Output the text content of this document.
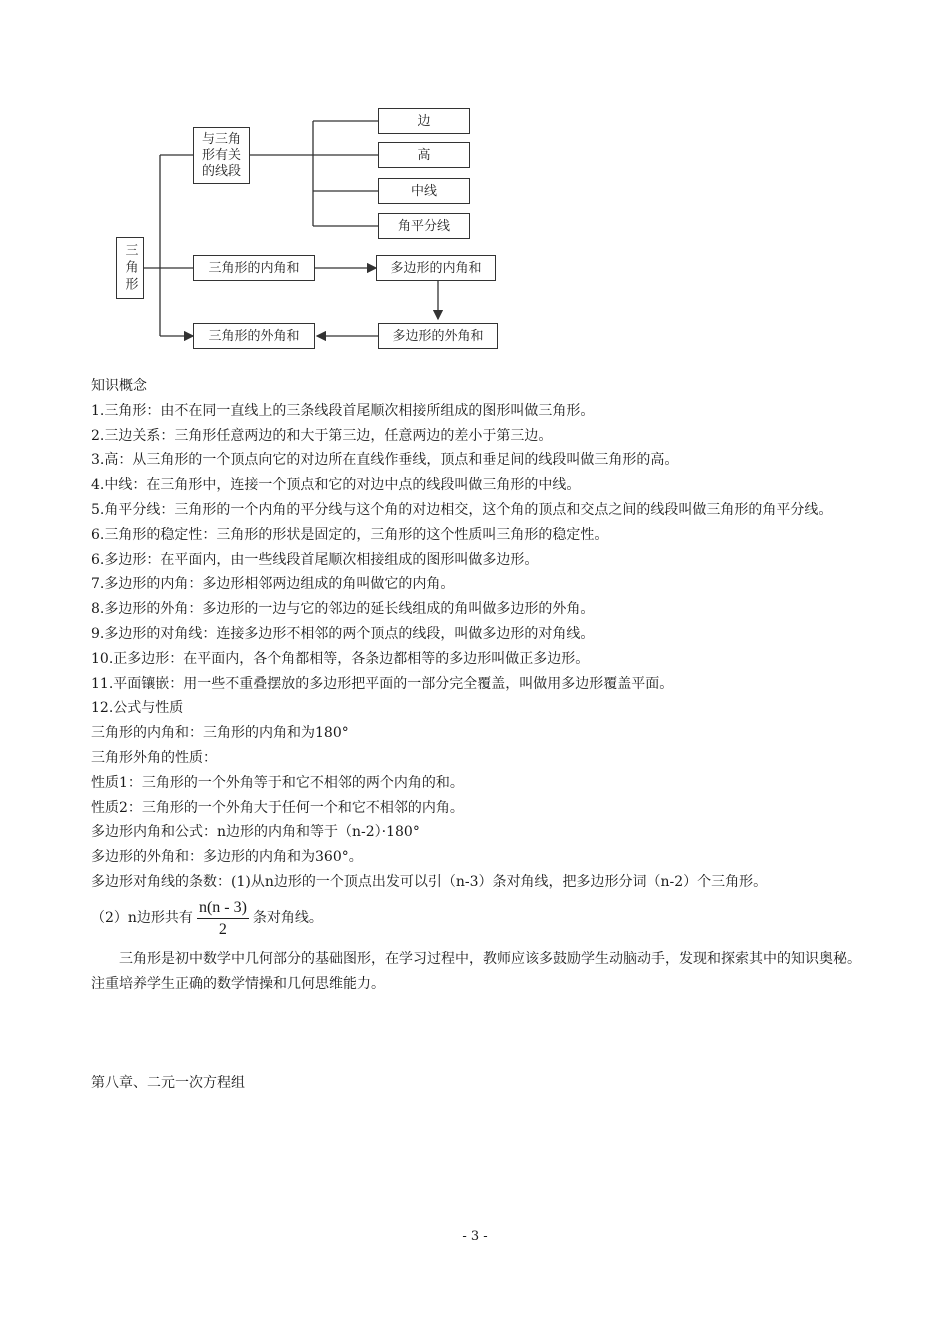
三角形
与三角形有关的线段
边
高
中线
角平分线
三角形的内角和	多边形的内角和
三角形的外角和	多边形的外角和
知识概念
1.三角形：由不在同一直线上的三条线段首尾顺次相接所组成的图形叫做三角形。
2.三边关系：三角形任意两边的和大于第三边，任意两边的差小于第三边。
3.高：从三角形的一个顶点向它的对边所在直线作垂线，顶点和垂足间的线段叫做三角形的高。
4.中线：在三角形中，连接一个顶点和它的对边中点的线段叫做三角形的中线。
5.角平分线：三角形的一个内角的平分线与这个角的对边相交，这个角的顶点和交点之间的线段叫做三角形的角平分线。
6.三角形的稳定性：三角形的形状是固定的，三角形的这个性质叫三角形的稳定性。
6.多边形：在平面内，由一些线段首尾顺次相接组成的图形叫做多边形。
7.多边形的内角：多边形相邻两边组成的角叫做它的内角。
8.多边形的外角：多边形的一边与它的邻边的延长线组成的角叫做多边形的外角。
9.多边形的对角线：连接多边形不相邻的两个顶点的线段，叫做多边形的对角线。
10.正多边形：在平面内，各个角都相等，各条边都相等的多边形叫做正多边形。
11.平面镶嵌：用一些不重叠摆放的多边形把平面的一部分完全覆盖，叫做用多边形覆盖平面。
12.公式与性质
三角形的内角和：三角形的内角和为180°
三角形外角的性质：
性质1：三角形的一个外角等于和它不相邻的两个内角的和。
性质2：三角形的一个外角大于任何一个和它不相邻的内角。
多边形内角和公式：n边形的内角和等于（n-2）·180°
多边形的外角和：多边形的内角和为360°。
多边形对角线的条数：(1)从n边形的一个顶点出发可以引（n-3）条对角线，把多边形分词（n-2）个三角形。
（2）n边形共有 $\frac{n(n - 3)}{2}$ 条对角线。
三角形是初中数学中几何部分的基础图形，在学习过程中，教师应该多鼓励学生动脑动手，发现和探索其中的知识奥秘。注重培养学生正确的数学情操和几何思维能力。
第八章、二元一次方程组
- 3 -
